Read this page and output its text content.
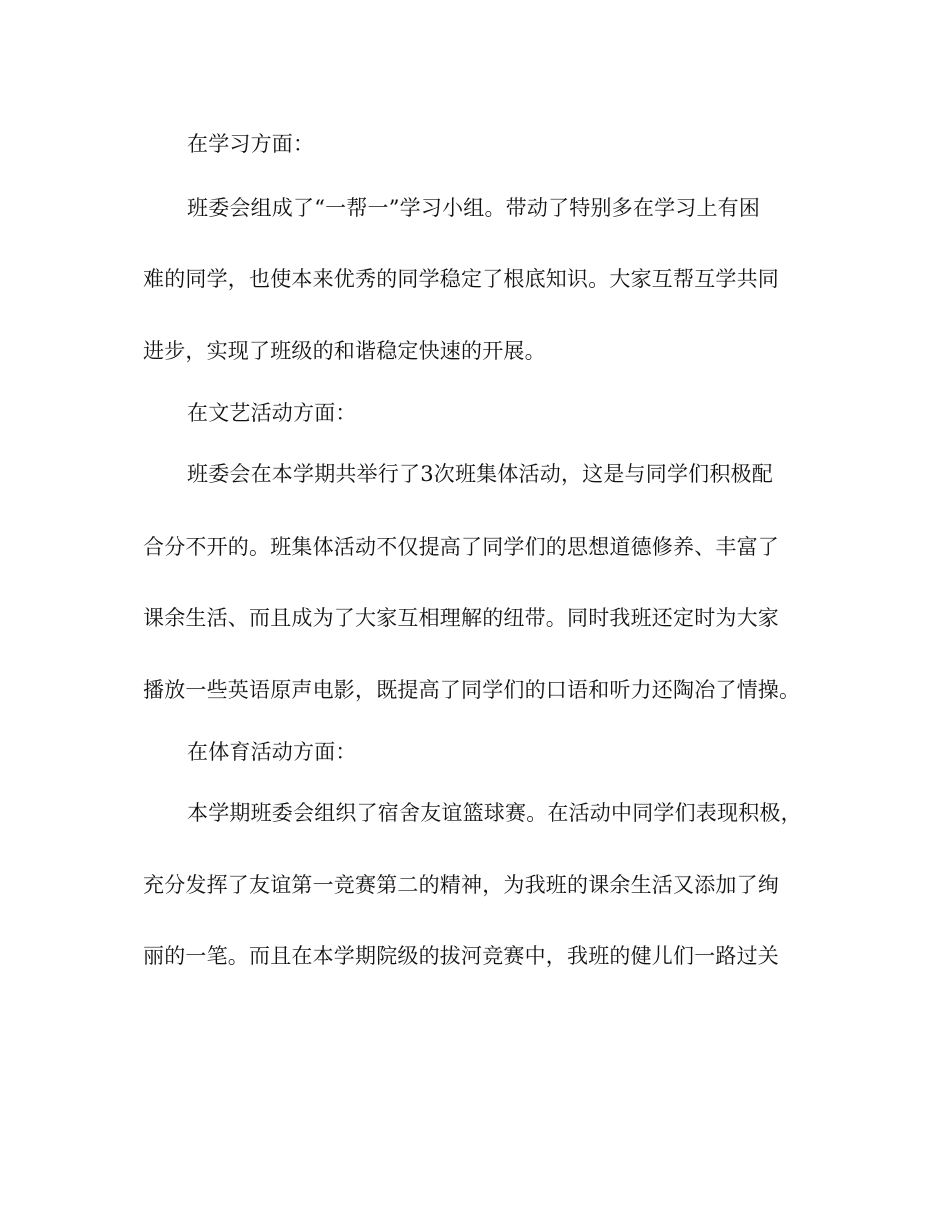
在学习方面：
班委会组成了“一帮一”学习小组。带动了特别多在学习上有困
难的同学，也使本来优秀的同学稳定了根底知识。大家互帮互学共同
进步，实现了班级的和谐稳定快速的开展。
在文艺活动方面：
班委会在本学期共举行了3次班集体活动，这是与同学们积极配
合分不开的。班集体活动不仅提高了同学们的思想道德修养、丰富了
课余生活、而且成为了大家互相理解的纽带。同时我班还定时为大家
播放一些英语原声电影，既提高了同学们的口语和听力还陶冶了情操。
在体育活动方面：
本学期班委会组织了宿舍友谊篮球赛。在活动中同学们表现积极，
充分发挥了友谊第一竞赛第二的精神，为我班的课余生活又添加了绚
丽的一笔。而且在本学期院级的拔河竞赛中，我班的健儿们一路过关
